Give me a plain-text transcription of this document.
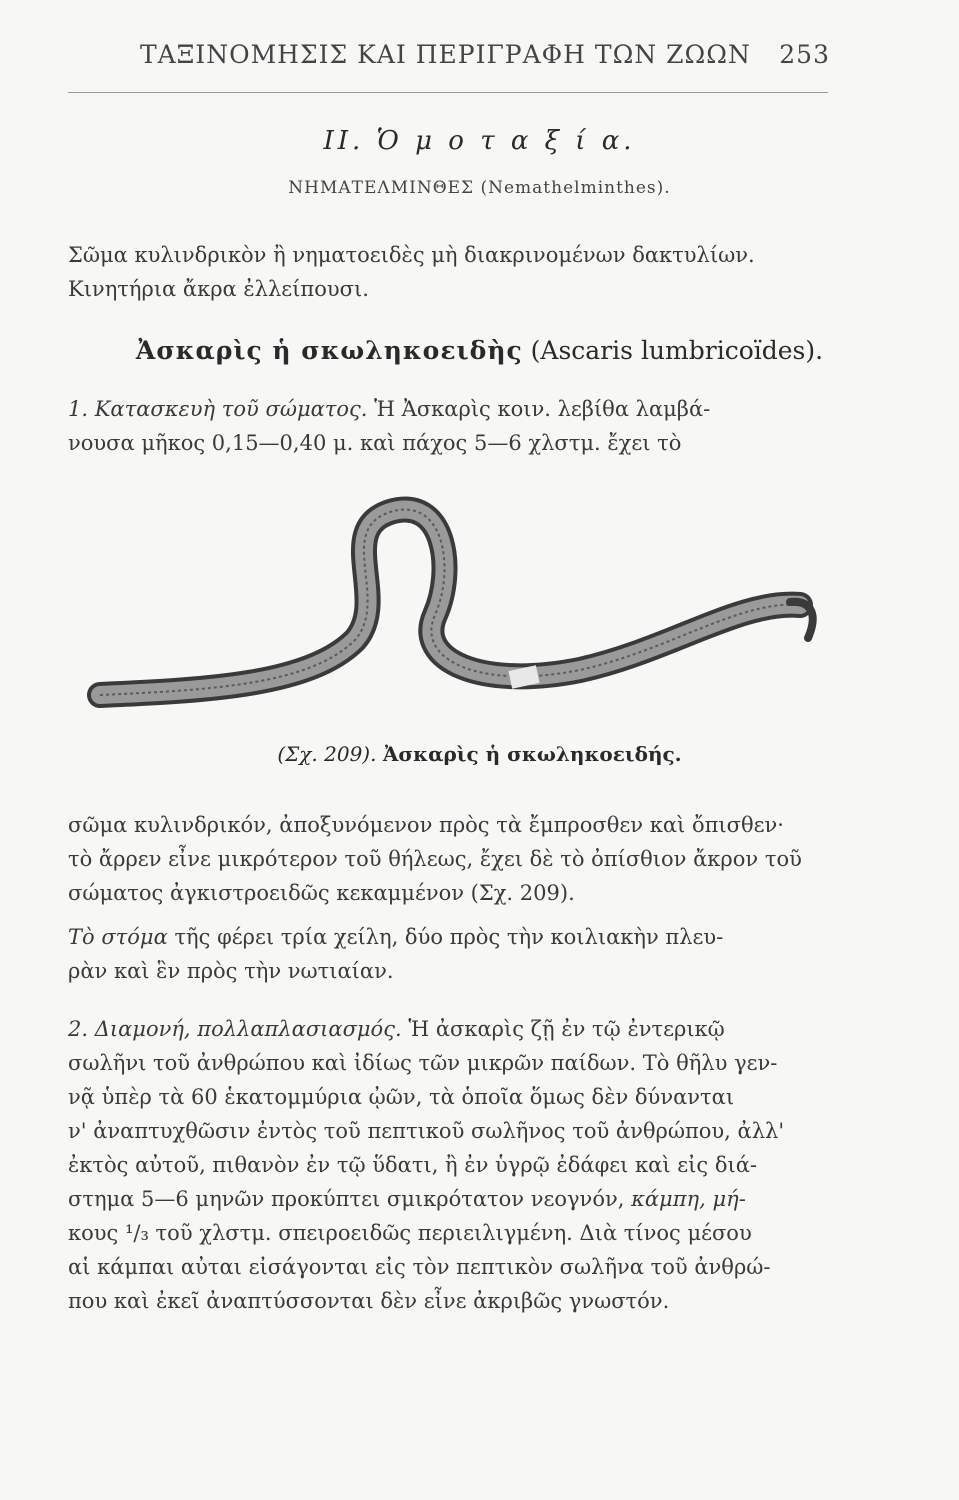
ΤΑΞΙΝΟΜΗΣΙΣ ΚΑΙ ΠΕΡΙΓΡΑΦΗ ΤΩΝ ΖΩΩΝ 253
ΙΙ. Ὁ μ ο τ α ξ ί α.
ΝΗΜΑΤΕΛΜΙΝΘΕΣ (Nemathelminthes).
Σῶμα κυλινδρικὸν ἢ νηματοειδὲς μὴ διακρινομένων δακτυλίων.
Κινητήρια ἄκρα ἐλλείπουσι.
Ἀσκαρὶς ἡ σκωληκοειδὴς (Ascaris lumbricoïdes).
1. Κατασκευὴ τοῦ σώματος. Ἡ Ἀσκαρὶς κοιν. λεβίθα λαμβά-
νουσα μῆκος 0,15—0,40 μ. καὶ πάχος 5—6 χλστμ. ἔχει τὸ
(Σχ. 209). Ἀσκαρὶς ἡ σκωληκοειδής.
σῶμα κυλινδρικόν, ἀποξυνόμενον πρὸς τὰ ἔμπροσθεν καὶ ὄπισθεν·
τὸ ἄρρεν εἶνε μικρότερον τοῦ θήλεως, ἔχει δὲ τὸ ὀπίσθιον ἄκρον τοῦ
σώματος ἀγκιστροειδῶς κεκαμμένον (Σχ. 209).
Τὸ στόμα τῆς φέρει τρία χείλη, δύο πρὸς τὴν κοιλιακὴν πλευ-
ρὰν καὶ ἓν πρὸς τὴν νωτιαίαν.
2. Διαμονή, πολλαπλασιασμός. Ἡ ἀσκαρὶς ζῇ ἐν τῷ ἐντερικῷ
σωλῆνι τοῦ ἀνθρώπου καὶ ἰδίως τῶν μικρῶν παίδων. Τὸ θῆλυ γεν-
νᾷ ὑπὲρ τὰ 60 ἑκατομμύρια ᾠῶν, τὰ ὁποῖα ὅμως δὲν δύνανται
ν' ἀναπτυχθῶσιν ἐντὸς τοῦ πεπτικοῦ σωλῆνος τοῦ ἀνθρώπου, ἀλλ'
ἐκτὸς αὐτοῦ, πιθανὸν ἐν τῷ ὕδατι, ἢ ἐν ὑγρῷ ἐδάφει καὶ εἰς διά-
στημα 5—6 μηνῶν προκύπτει σμικρότατον νεογνόν, κάμπη, μή-
κους ¹/₃ τοῦ χλστμ. σπειροειδῶς περιειλιγμένη. Διὰ τίνος μέσου
αἱ κάμπαι αὐται εἰσάγονται εἰς τὸν πεπτικὸν σωλῆνα τοῦ ἀνθρώ-
που καὶ ἐκεῖ ἀναπτύσσονται δὲν εἶνε ἀκριβῶς γνωστόν.
